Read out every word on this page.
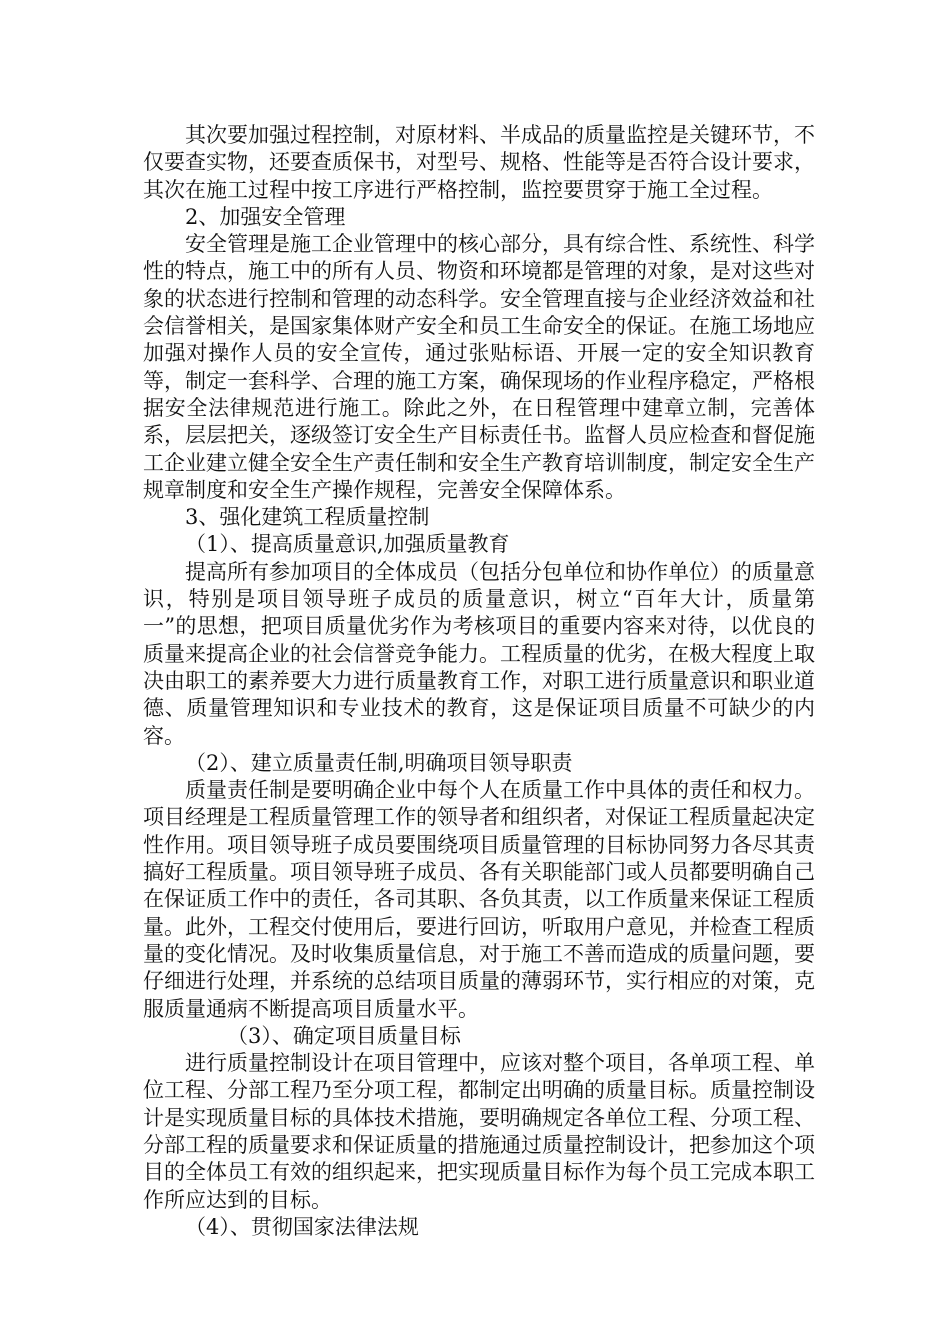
其次要加强过程控制，对原材料、半成品的质量监控是关键环节，不仅要查实物，还要查质保书，对型号、规格、性能等是否符合设计要求，其次在施工过程中按工序进行严格控制，监控要贯穿于施工全过程。

2、加强安全管理

安全管理是施工企业管理中的核心部分，具有综合性、系统性、科学性的特点，施工中的所有人员、物资和环境都是管理的对象，是对这些对象的状态进行控制和管理的动态科学。安全管理直接与企业经济效益和社会信誉相关，是国家集体财产安全和员工生命安全的保证。在施工场地应加强对操作人员的安全宣传，通过张贴标语、开展一定的安全知识教育等，制定一套科学、合理的施工方案，确保现场的作业程序稳定，严格根据安全法律规范进行施工。除此之外，在日程管理中建章立制，完善体系，层层把关，逐级签订安全生产目标责任书。监督人员应检查和督促施工企业建立健全安全生产责任制和安全生产教育培训制度，制定安全生产规章制度和安全生产操作规程，完善安全保障体系。

3、强化建筑工程质量控制

（1）、提高质量意识,加强质量教育

提高所有参加项目的全体成员（包括分包单位和协作单位）的质量意识，特别是项目领导班子成员的质量意识，树立“百年大计，质量第一”的思想，把项目质量优劣作为考核项目的重要内容来对待，以优良的质量来提高企业的社会信誉竞争能力。工程质量的优劣，在极大程度上取决由职工的素养要大力进行质量教育工作，对职工进行质量意识和职业道德、质量管理知识和专业技术的教育，这是保证项目质量不可缺少的内容。

（2）、建立质量责任制,明确项目领导职责

质量责任制是要明确企业中每个人在质量工作中具体的责任和权力。项目经理是工程质量管理工作的领导者和组织者，对保证工程质量起决定性作用。项目领导班子成员要围绕项目质量管理的目标协同努力各尽其责搞好工程质量。项目领导班子成员、各有关职能部门或人员都要明确自己在保证质工作中的责任，各司其职、各负其责，以工作质量来保证工程质量。此外，工程交付使用后，要进行回访，听取用户意见，并检查工程质量的变化情况。及时收集质量信息，对于施工不善而造成的质量问题，要仔细进行处理，并系统的总结项目质量的薄弱环节，实行相应的对策，克服质量通病不断提高项目质量水平。

（3）、确定项目质量目标

进行质量控制设计在项目管理中，应该对整个项目，各单项工程、单位工程、分部工程乃至分项工程，都制定出明确的质量目标。质量控制设计是实现质量目标的具体技术措施，要明确规定各单位工程、分项工程、分部工程的质量要求和保证质量的措施通过质量控制设计，把参加这个项目的全体员工有效的组织起来，把实现质量目标作为每个员工完成本职工作所应达到的目标。

（4）、贯彻国家法律法规
